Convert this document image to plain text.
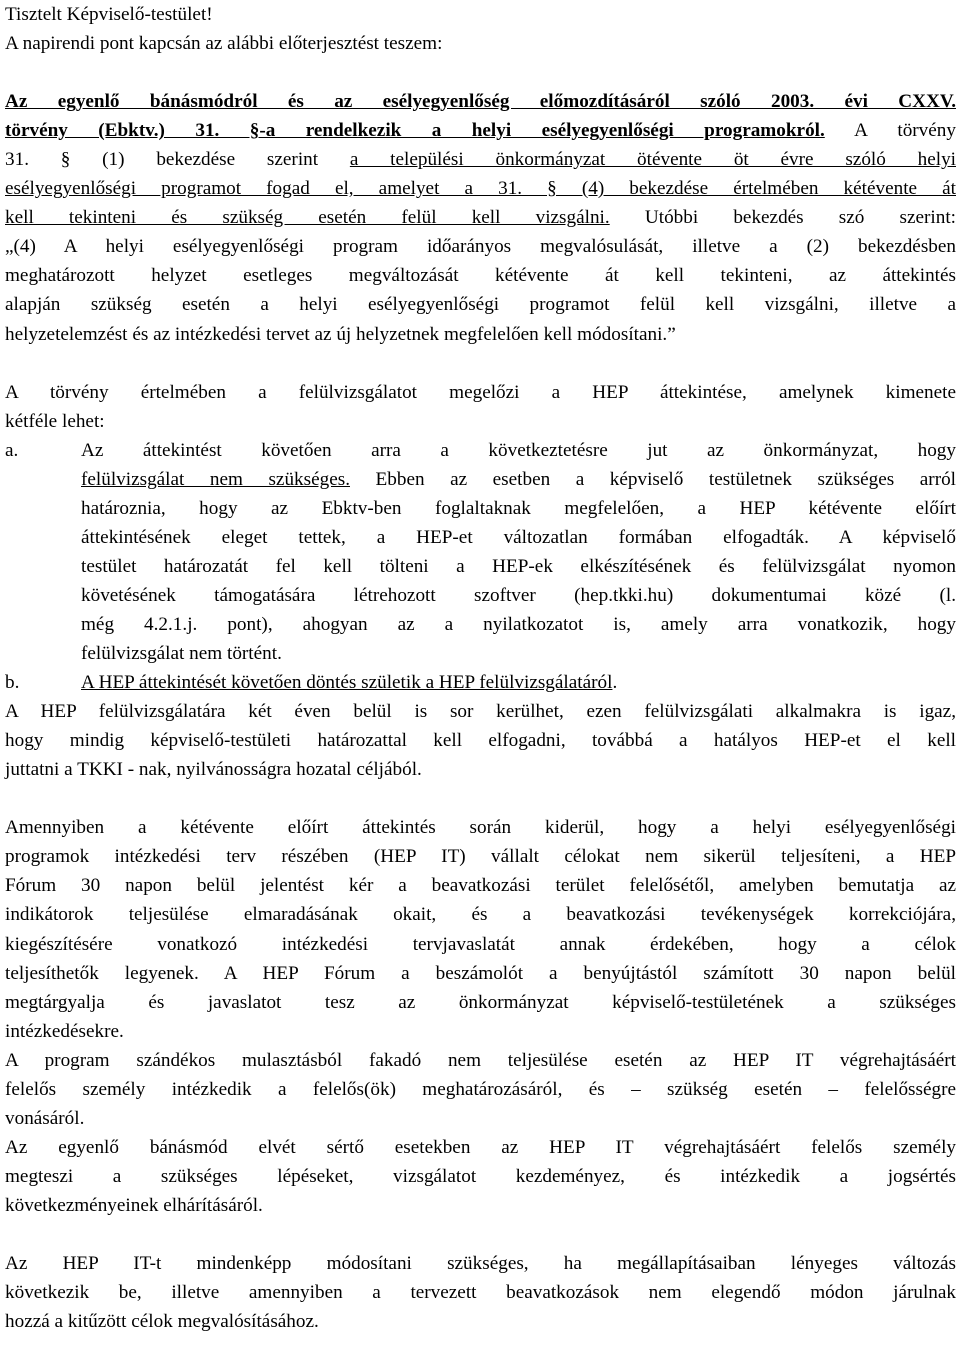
Tisztelt Képviselő-testület!
A napirendi pont kapcsán az alábbi előterjesztést teszem:
Az egyenlő bánásmódról és az esélyegyenlőség előmozdításáról szóló 2003. évi CXXV.
törvény (Ebktv.) 31. §-a rendelkezik a helyi esélyegyenlőségi programokról. A törvény
31. § (1) bekezdése szerint a települési önkormányzat ötévente öt évre szóló helyi
esélyegyenlőségi programot fogad el, amelyet a 31. § (4) bekezdése értelmében kétévente át
kell tekinteni és szükség esetén felül kell vizsgálni. Utóbbi bekezdés szó szerint:
„(4) A helyi esélyegyenlőségi program időarányos megvalósulását, illetve a (2) bekezdésben
meghatározott helyzet esetleges megváltozását kétévente át kell tekinteni, az áttekintés
alapján szükség esetén a helyi esélyegyenlőségi programot felül kell vizsgálni, illetve a
helyzetelemzést és az intézkedési tervet az új helyzetnek megfelelően kell módosítani.”
A törvény értelmében a felülvizsgálatot megelőzi a HEP áttekintése, amelynek kimenete
kétféle lehet:
a.	Az áttekintést követően arra a következtetésre jut az önkormányzat, hogy
felülvizsgálat nem szükséges. Ebben az esetben a képviselő testületnek szükséges arról
határoznia, hogy az Ebktv-ben foglaltaknak megfelelően, a HEP kétévente előírt
áttekintésének eleget tettek, a HEP-et változatlan formában elfogadták. A képviselő
testület határozatát fel kell tölteni a HEP-ek elkészítésének és felülvizsgálat nyomon
követésének támogatására létrehozott szoftver (hep.tkki.hu) dokumentumai közé (l.
még 4.2.1.j. pont), ahogyan az a nyilatkozatot is, amely arra vonatkozik, hogy
felülvizsgálat nem történt.
b.	A HEP áttekintését követően döntés születik a HEP felülvizsgálatáról.
A HEP felülvizsgálatára két éven belül is sor kerülhet, ezen felülvizsgálati alkalmakra is igaz,
hogy mindig képviselő-testületi határozattal kell elfogadni, továbbá a hatályos HEP-et el kell
juttatni a TKKI - nak, nyilvánosságra hozatal céljából.
Amennyiben a kétévente előírt áttekintés során kiderül, hogy a helyi esélyegyenlőségi
programok intézkedési terv részében (HEP IT) vállalt célokat nem sikerül teljesíteni, a HEP
Fórum 30 napon belül jelentést kér a beavatkozási terület felelősétől, amelyben bemutatja az
indikátorok teljesülése elmaradásának okait, és a beavatkozási tevékenységek korrekciójára,
kiegészítésére vonatkozó intézkedési tervjavaslatát annak érdekében, hogy a célok
teljesíthetők legyenek. A HEP Fórum a beszámolót a benyújtástól számított 30 napon belül
megtárgyalja és javaslatot tesz az önkormányzat képviselő-testületének a szükséges
intézkedésekre.
A program szándékos mulasztásból fakadó nem teljesülése esetén az HEP IT végrehajtásáért
felelős személy intézkedik a felelős(ök) meghatározásáról, és – szükség esetén – felelősségre
vonásáról.
Az egyenlő bánásmód elvét sértő esetekben az HEP IT végrehajtásáért felelős személy
megteszi a szükséges lépéseket, vizsgálatot kezdeményez, és intézkedik a jogsértés
következményeinek elhárításáról.
Az HEP IT-t mindenképp módosítani szükséges, ha megállapításaiban lényeges változás
következik be, illetve amennyiben a tervezett beavatkozások nem elegendő módon járulnak
hozzá a kitűzött célok megvalósításához.
